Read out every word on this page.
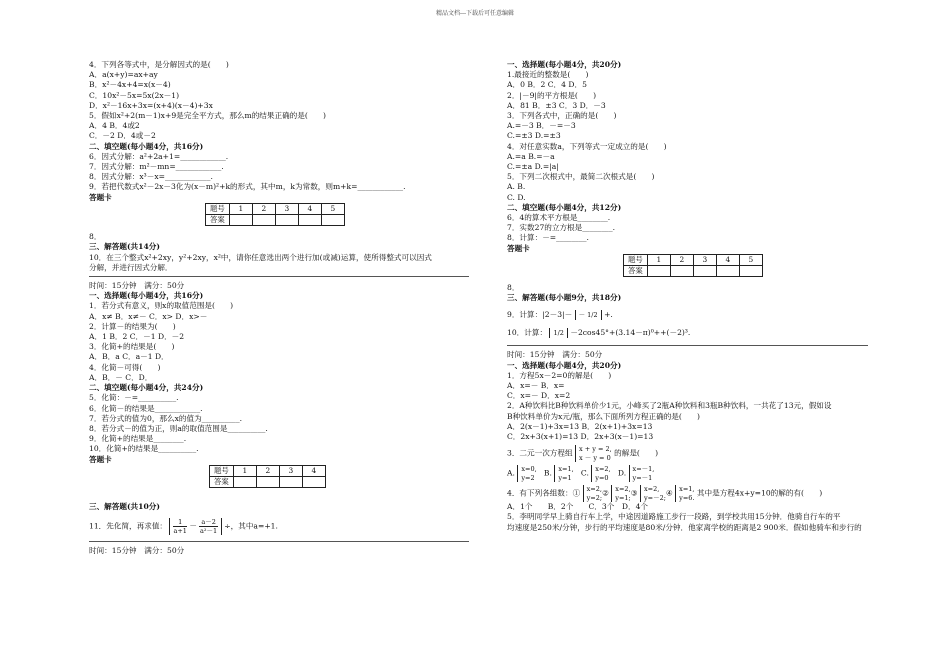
精品文档---下载后可任意编辑
4．下列各等式中，是分解因式的是(　　)
A．a(x+y)=ax+ay
B．x²－4x+4=x(x－4)
C．10x²－5x=5x(2x－1)
D．x²－16x+3x=(x+4)(x－4)+3x
5．假如x²+2(m－1)x+9是完全平方式，那么m的结果正确的是(　　)
A．4 B．4或2
C．－2 D．4或－2
二、填空题(每小题4分，共16分)
6．因式分解：a²+2a+1=____________.
7．因式分解：m²－mn=____________.
8．因式分解：x³－x=____________.
9．若把代数式x²－2x－3化为(x－m)²+k的形式，其中m，k为常数，则m+k=____________.
答题卡
题号	1	2	3	4	5
答案					
8．
三、解答题(共14分)
10．在三个整式x²+2xy，y²+2xy，x²中，请你任意选出两个进行加(或减)运算，使所得整式可以因式
分解，并进行因式分解．
时间：15分钟　满分：50分
一、选择题(每小题4分，共16分)
1．若分式有意义，则x的取值范围是(　　)
A．x≠ B．x≠－ C．x> D．x>－
2．计算－的结果为(　　)
A．1 B．2 C．－1 D．－2
3．化简+的结果是(　　)
A．B．a C．a－1 D．
4．化简－可得(　　)
A．B．－ C．D．
二、填空题(每小题4分，共24分)
5．化简：－=__________.
6．化简－的结果是____________.
7．若分式的值为0，那么x的值为__________.
8．若分式－的值为正，则a的取值范围是__________.
9．化简+的结果是________.
10．化简+的结果是__________.
答题卡
题号	1	2	3	4
答案				
三、解答题(共10分)
11．先化简，再求值： $\frac{1}{a+1} - \frac{a-2}{\text{a²－1}}$ ÷，其中a=+1.
时间：15分钟　满分：50分
一、选择题(每小题4分，共20分)
1.最接近的整数是(　　)
A．0 B．2 C．4 D．5
2．|－9|的平方根是(　　)
A．81 B．±3 C．3 D．－3
3．下列各式中，正确的是(　　)
A.=－3 B．－=－3
C.=±3 D.=±3
4．对任意实数a，下列等式一定成立的是(　　)
A.=a B.=－a
C.=±a D.=|a|
5．下列二次根式中，最简二次根式是(　　)
A. B.
C. D.
二、填空题(每小题4分，共12分)
6．4的算术平方根是________.
7．实数27的立方根是________.
8．计算：－=________.
答题卡
题号	1	2	3	4	5
答案					
8．
三、解答题(每小题9分，共18分)
9．计算：|2－3|－ － 1/2 +.
10．计算： 1/2 －2cos45°+(3.14－π)⁰++(－2)³.
时间：15分钟　满分：50分
一、选择题(每小题4分，共20分)
1．方程5x－2=0的解是(　　)
A．x=－ B．x=
C．x=－ D．x=2
2．A种饮料比B种饮料单价少1元，小峰买了2瓶A种饮料和3瓶B种饮料，一共花了13元，假如设
B种饮料单价为x元/瓶，那么下面所列方程正确的是(　　)
A．2(x－1)+3x=13 B．2(x+1)+3x=13
C．2x+3(x+1)=13 D．2x+3(x－1)=13
3．二元一次方程组 x + y = 2,
x － y = 0 的解是(　　)
A. x=0,
y=2 B. x=1,
y=1 C. x=2,
y=0 D. x=－1,
y=－1
4．有下列各组数：① x=2,
y=2; ② x=2,
y=1; ③ x=2,
y=－2; ④ x=1,
y=6. 其中是方程4x+y=10的解的有(　　)
A．1个　　B．2个　　C．3个　D．4个
5．李明同学早上骑自行车上学，中途因道路施工步行一段路，到学校共用15分钟．他骑自行车的平
均速度是250米/分钟，步行的平均速度是80米/分钟．他家离学校的距离是2 900米．假如他骑车和步行的
